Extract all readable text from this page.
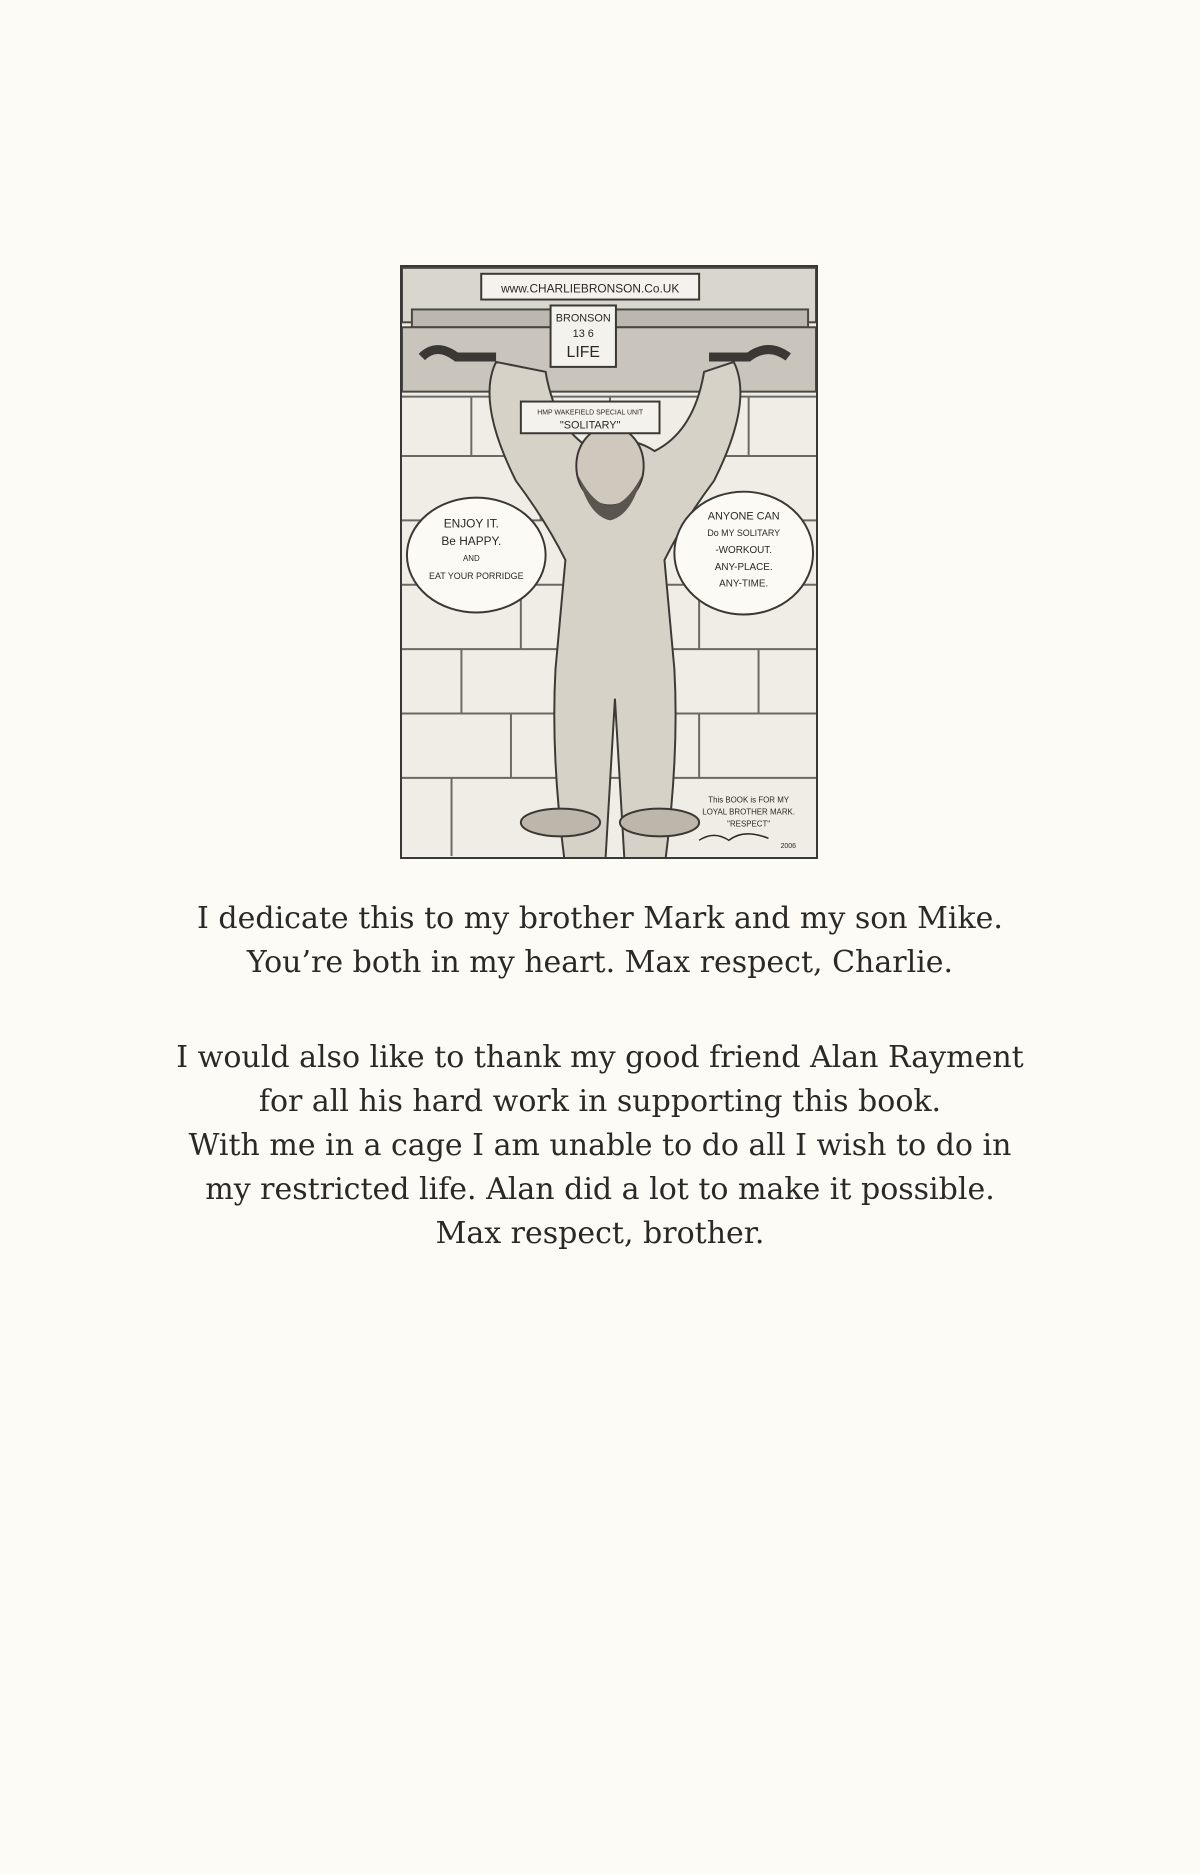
www.CHARLIEBRONSON.Co.UK
BRONSON
13 6
LIFE
HMP WAKEFIELD SPECIAL UNIT
"SOLITARY"
ENJOY IT.
Be HAPPY.
AND
EAT YOUR PORRIDGE
ANYONE CAN
Do MY SOLITARY
-WORKOUT.
ANY-PLACE.
ANY-TIME.
This BOOK is FOR MY
LOYAL BROTHER MARK.
"RESPECT"
2006
I dedicate this to my brother Mark and my son Mike.
You’re both in my heart. Max respect, Charlie.
I would also like to thank my good friend Alan Rayment
for all his hard work in supporting this book.
With me in a cage I am unable to do all I wish to do in
my restricted life. Alan did a lot to make it possible.
Max respect, brother.
